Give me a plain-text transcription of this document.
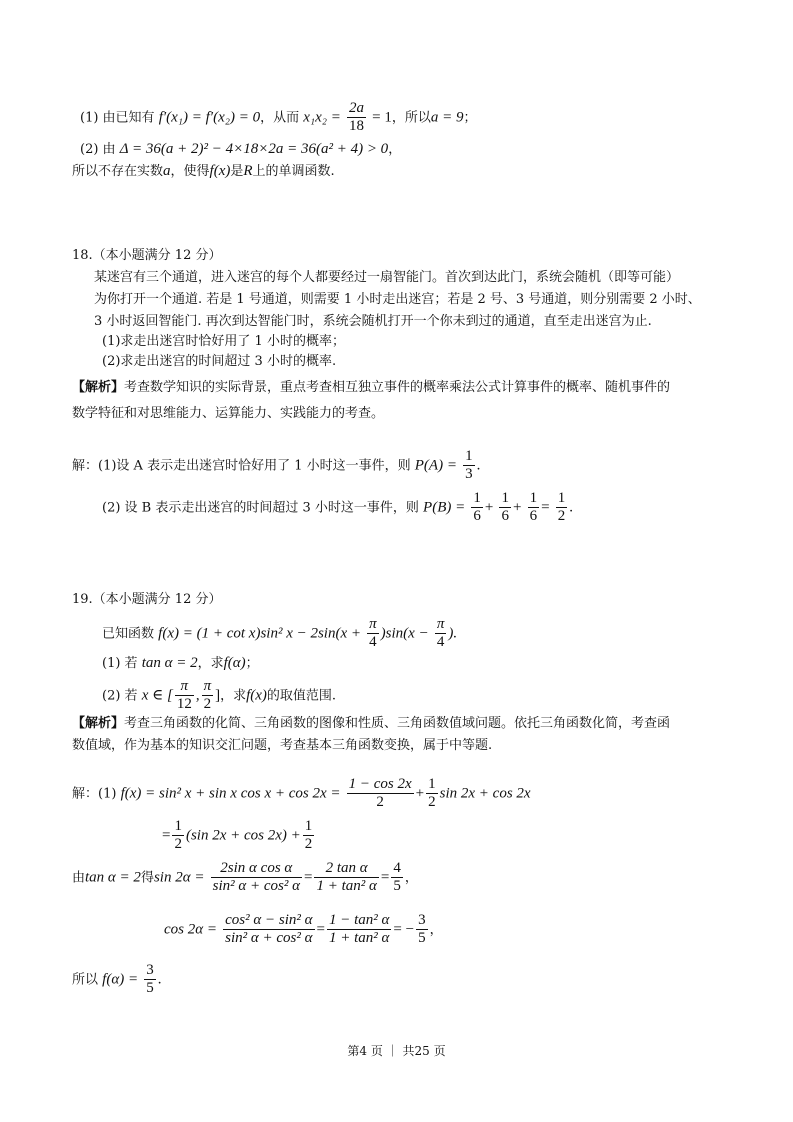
(1) 由已知有 f′(x₁) = f′(x₂) = 0，从而 $x_1x_2 = \frac{2a}{18} = 1$，所以a = 9；
(2) 由 Δ = 36(a + 2)² − 4×18×2a = 36(a² + 4) > 0，
所以不存在实数a，使得f(x)是R上的单调函数.
18.（本小题满分 12 分）
某迷宫有三个通道，进入迷宫的每个人都要经过一扇智能门。首次到达此门，系统会随机（即等可能）
为你打开一个通道. 若是 1 号通道，则需要 1 小时走出迷宫；若是 2 号、3 号通道，则分别需要 2 小时、
3 小时返回智能门. 再次到达智能门时，系统会随机打开一个你未到过的通道，直至走出迷宫为止.
(1)求走出迷宫时恰好用了 1 小时的概率；
(2)求走出迷宫的时间超过 3 小时的概率.
【解析】考查数学知识的实际背景，重点考查相互独立事件的概率乘法公式计算事件的概率、随机事件的
数学特征和对思维能力、运算能力、实践能力的考查。
解：(1)设 A 表示走出迷宫时恰好用了 1 小时这一事件，则 $P(A) = \frac{1}{3}$ .
(2) 设 B 表示走出迷宫的时间超过 3 小时这一事件，则 $P(B) = \frac{1}{6} + \frac{1}{6} + \frac{1}{6} = \frac{1}{2}$ .
19.（本小题满分 12 分）
已知函数 f(x) = (1 + cot x)sin² $x - 2\sin(x + \frac{\pi}{4} )\sin(x - \frac{\pi}{4}$ ).
(1) 若 tan α = 2，求f(α)；
(2) 若 x ∈ [ $\frac{\pi}{12}$ , $\frac{\pi}{2}$ ]，求f(x)的取值范围.
【解析】考查三角函数的化简、三角函数的图像和性质、三角函数值域问题。依托三角函数化简，考查函
数值域，作为基本的知识交汇问题，考查基本三角函数变换，属于中等题.
解：(1) f(x) = sin² x + sin x $\cos x + \cos 2x = \frac{1 - \cos 2x}{2} + \frac{1}{2}$ sin 2x + cos 2x
= $\frac{1}{2} (\sin$ $2x + \cos 2x) + \frac{1}{2}$
由tan α = 2得$\sin 2\alpha = \frac{\text{2sin α cos α}}{\text{sin² α + cos² α}} = \frac{\text{2 tan α}}{\text{1 + tan² α}} = \frac{4}{5}$ ，
$\cos 2\alpha = \frac{\text{cos² α − sin² α}}{\text{sin² α + cos² α}} = \frac{\text{1 − tan² α}}{\text{1 + tan² α}}$ = − $\frac{3}{5}$ ，
所以 $f(\alpha) = \frac{3}{5}$ .
第4 页 ｜ 共25 页
